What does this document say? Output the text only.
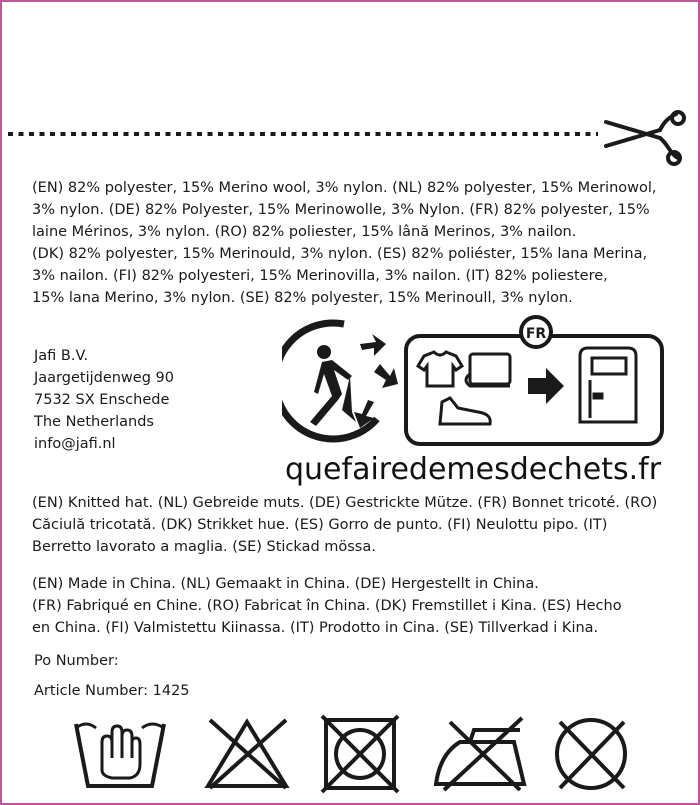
(EN) 82% polyester, 15% Merino wool, 3% nylon. (NL) 82% polyester, 15% Merinowol,
3% nylon. (DE) 82% Polyester, 15% Merinowolle, 3% Nylon. (FR) 82% polyester, 15%
laine Mérinos, 3% nylon. (RO) 82% poliester, 15% lână Merinos, 3% nailon.
(DK) 82% polyester, 15% Merinould, 3% nylon. (ES) 82% poliéster, 15% lana Merina,
3% nailon. (FI) 82% polyesteri, 15% Merinovilla, 3% nailon. (IT) 82% poliestere,
15% lana Merino, 3% nylon. (SE) 82% polyester, 15% Merinoull, 3% nylon.
Jafi B.V.
Jaargetijdenweg 90
7532 SX Enschede
The Netherlands
info@jafi.nl
FR
quefairedemesdechets.fr
(EN) Knitted hat. (NL) Gebreide muts. (DE) Gestrickte Mütze. (FR) Bonnet tricoté. (RO)
Căciulă tricotată. (DK) Strikket hue. (ES) Gorro de punto. (FI) Neulottu pipo. (IT)
Berretto lavorato a maglia. (SE) Stickad mössa.
(EN) Made in China. (NL) Gemaakt in China. (DE) Hergestellt in China.
(FR) Fabriqué en Chine. (RO) Fabricat în China. (DK) Fremstillet i Kina. (ES) Hecho
en China. (FI) Valmistettu Kiinassa. (IT) Prodotto in Cina. (SE) Tillverkad i Kina.
Po Number:
Article Number: 1425
